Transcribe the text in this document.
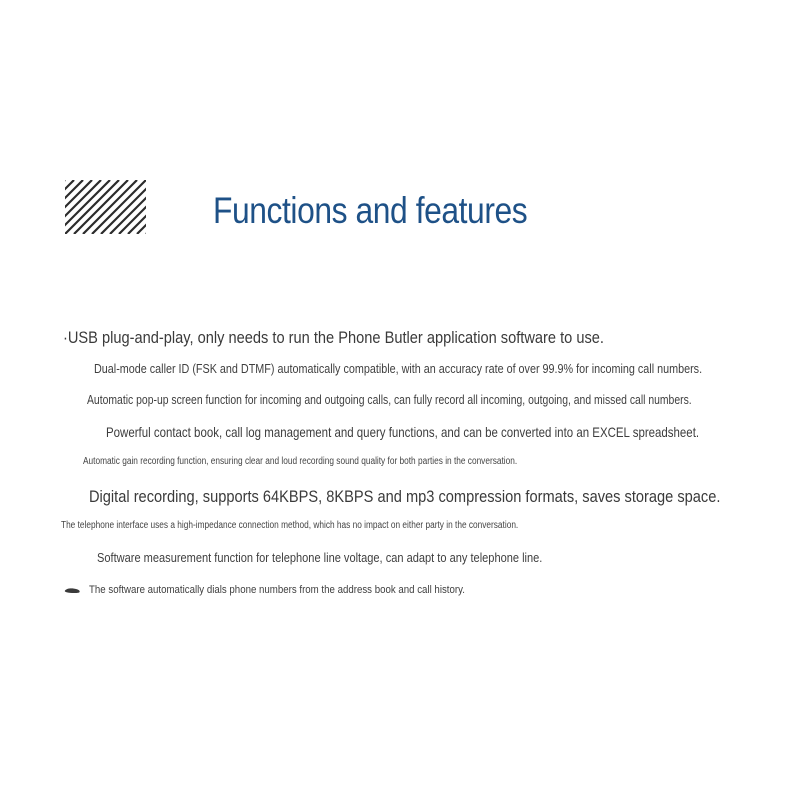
Functions and features

·USB plug-and-play, only needs to run the Phone Butler application software to use.

Dual-mode caller ID (FSK and DTMF) automatically compatible, with an accuracy rate of over 99.9% for incoming call numbers.

Automatic pop-up screen function for incoming and outgoing calls, can fully record all incoming, outgoing, and missed call numbers.

Powerful contact book, call log management and query functions, and can be converted into an EXCEL spreadsheet.

Automatic gain recording function, ensuring clear and loud recording sound quality for both parties in the conversation.

Digital recording, supports 64KBPS, 8KBPS and mp3 compression formats, saves storage space.

The telephone interface uses a high-impedance connection method, which has no impact on either party in the conversation.

Software measurement function for telephone line voltage, can adapt to any telephone line.

The software automatically dials phone numbers from the address book and call history.
